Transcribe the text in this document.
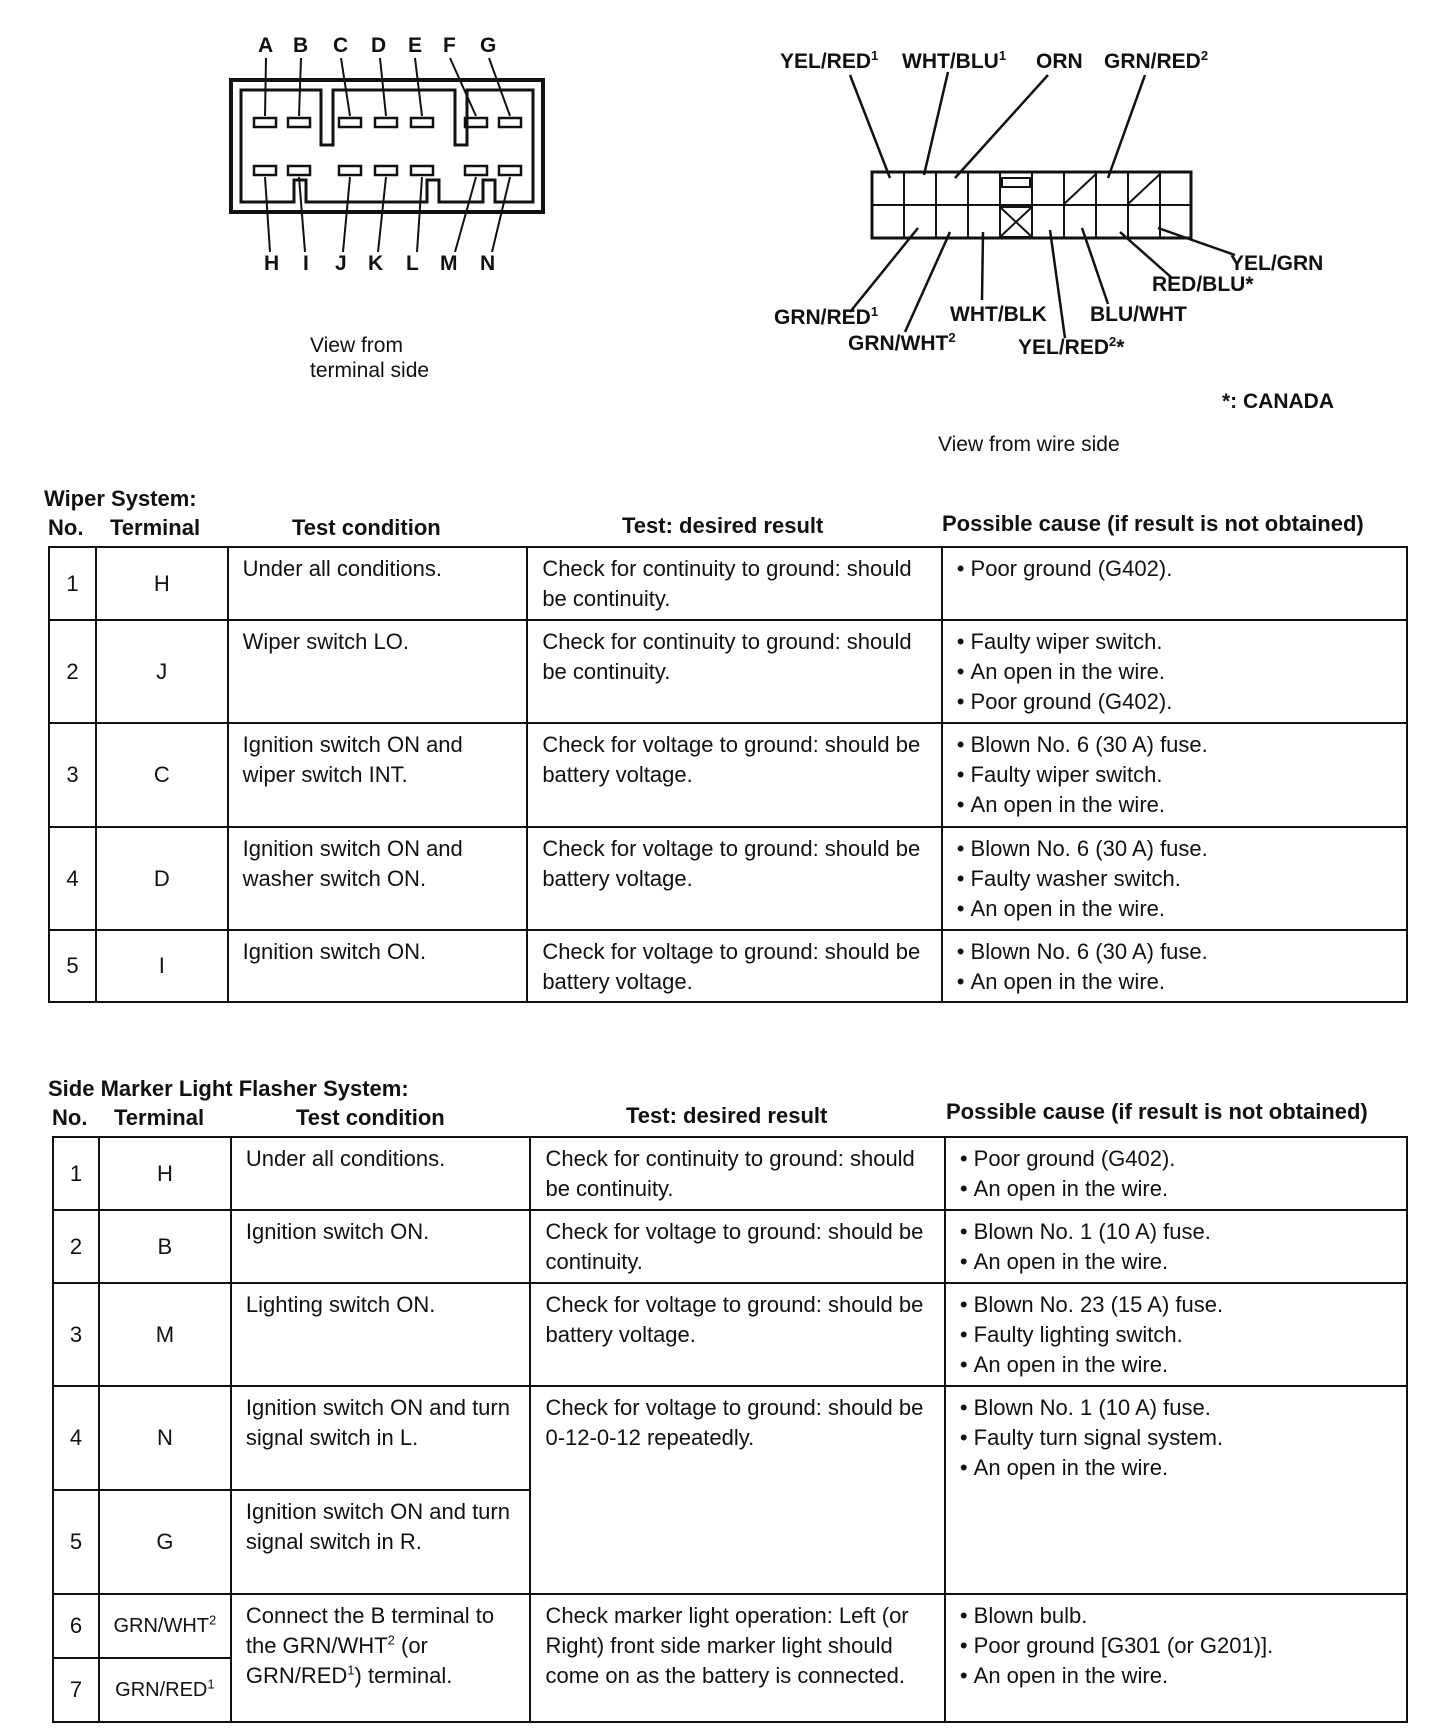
A B C D E F G
H I J K L M N
View from
terminal side
YEL/RED$^1$ WHT/BLU$^1$ ORN GRN/RED$^2$
GRN/RED$^1$
GRN/WHT$^2$
WHT/BLK
YEL/RED$^2$*
BLU/WHT
RED/BLU*
YEL/GRN
*: CANADA
View from wire side
Wiper System:
No. Terminal	Test condition	Test: desired result	Possible cause (if result is not obtained)
1	H	Under all conditions.	Check for continuity to ground: should be continuity.	• Poor ground (G402).

2	J	Wiper switch LO.	Check for continuity to ground: should be continuity.	• Faulty wiper switch.
• An open in the wire.
• Poor ground (G402).

3	C	Ignition switch ON and wiper switch INT.	Check for voltage to ground: should be battery voltage.	• Blown No. 6 (30 A) fuse.
• Faulty wiper switch.
• An open in the wire.

4	D	Ignition switch ON and washer switch ON.	Check for voltage to ground: should be battery voltage.	• Blown No. 6 (30 A) fuse.
• Faulty washer switch.
• An open in the wire.

5	I	Ignition switch ON.	Check for voltage to ground: should be battery voltage.	• Blown No. 6 (30 A) fuse.
• An open in the wire.
Side Marker Light Flasher System:
No. Terminal	Test condition	Test: desired result	Possible cause (if result is not obtained)
1	H	Under all conditions.	Check for continuity to ground: should be continuity.	• Poor ground (G402).
• An open in the wire.

2	B	Ignition switch ON.	Check for voltage to ground: should be continuity.	• Blown No. 1 (10 A) fuse.
• An open in the wire.

3	M	Lighting switch ON.	Check for voltage to ground: should be battery voltage.	• Blown No. 23 (15 A) fuse.
• Faulty lighting switch.
• An open in the wire.

4	N	Ignition switch ON and turn signal switch in L.	Check for voltage to ground: should be 0-12-0-12 repeatedly.	• Blown No. 1 (10 A) fuse.
• Faulty turn signal system.
• An open in the wire.

5	G	Ignition switch ON and turn signal switch in R.		
6	GRN/WHT$^2$	Connect the B terminal to the GRN/WHT$^2$ (or GRN/RED$^1$) terminal.	Check marker light operation: Left (or Right) front side marker light should come on as the battery is connected.	• Blown bulb.
• Poor ground [G301 (or G201)].
• An open in the wire.

7	GRN/RED$^1$
